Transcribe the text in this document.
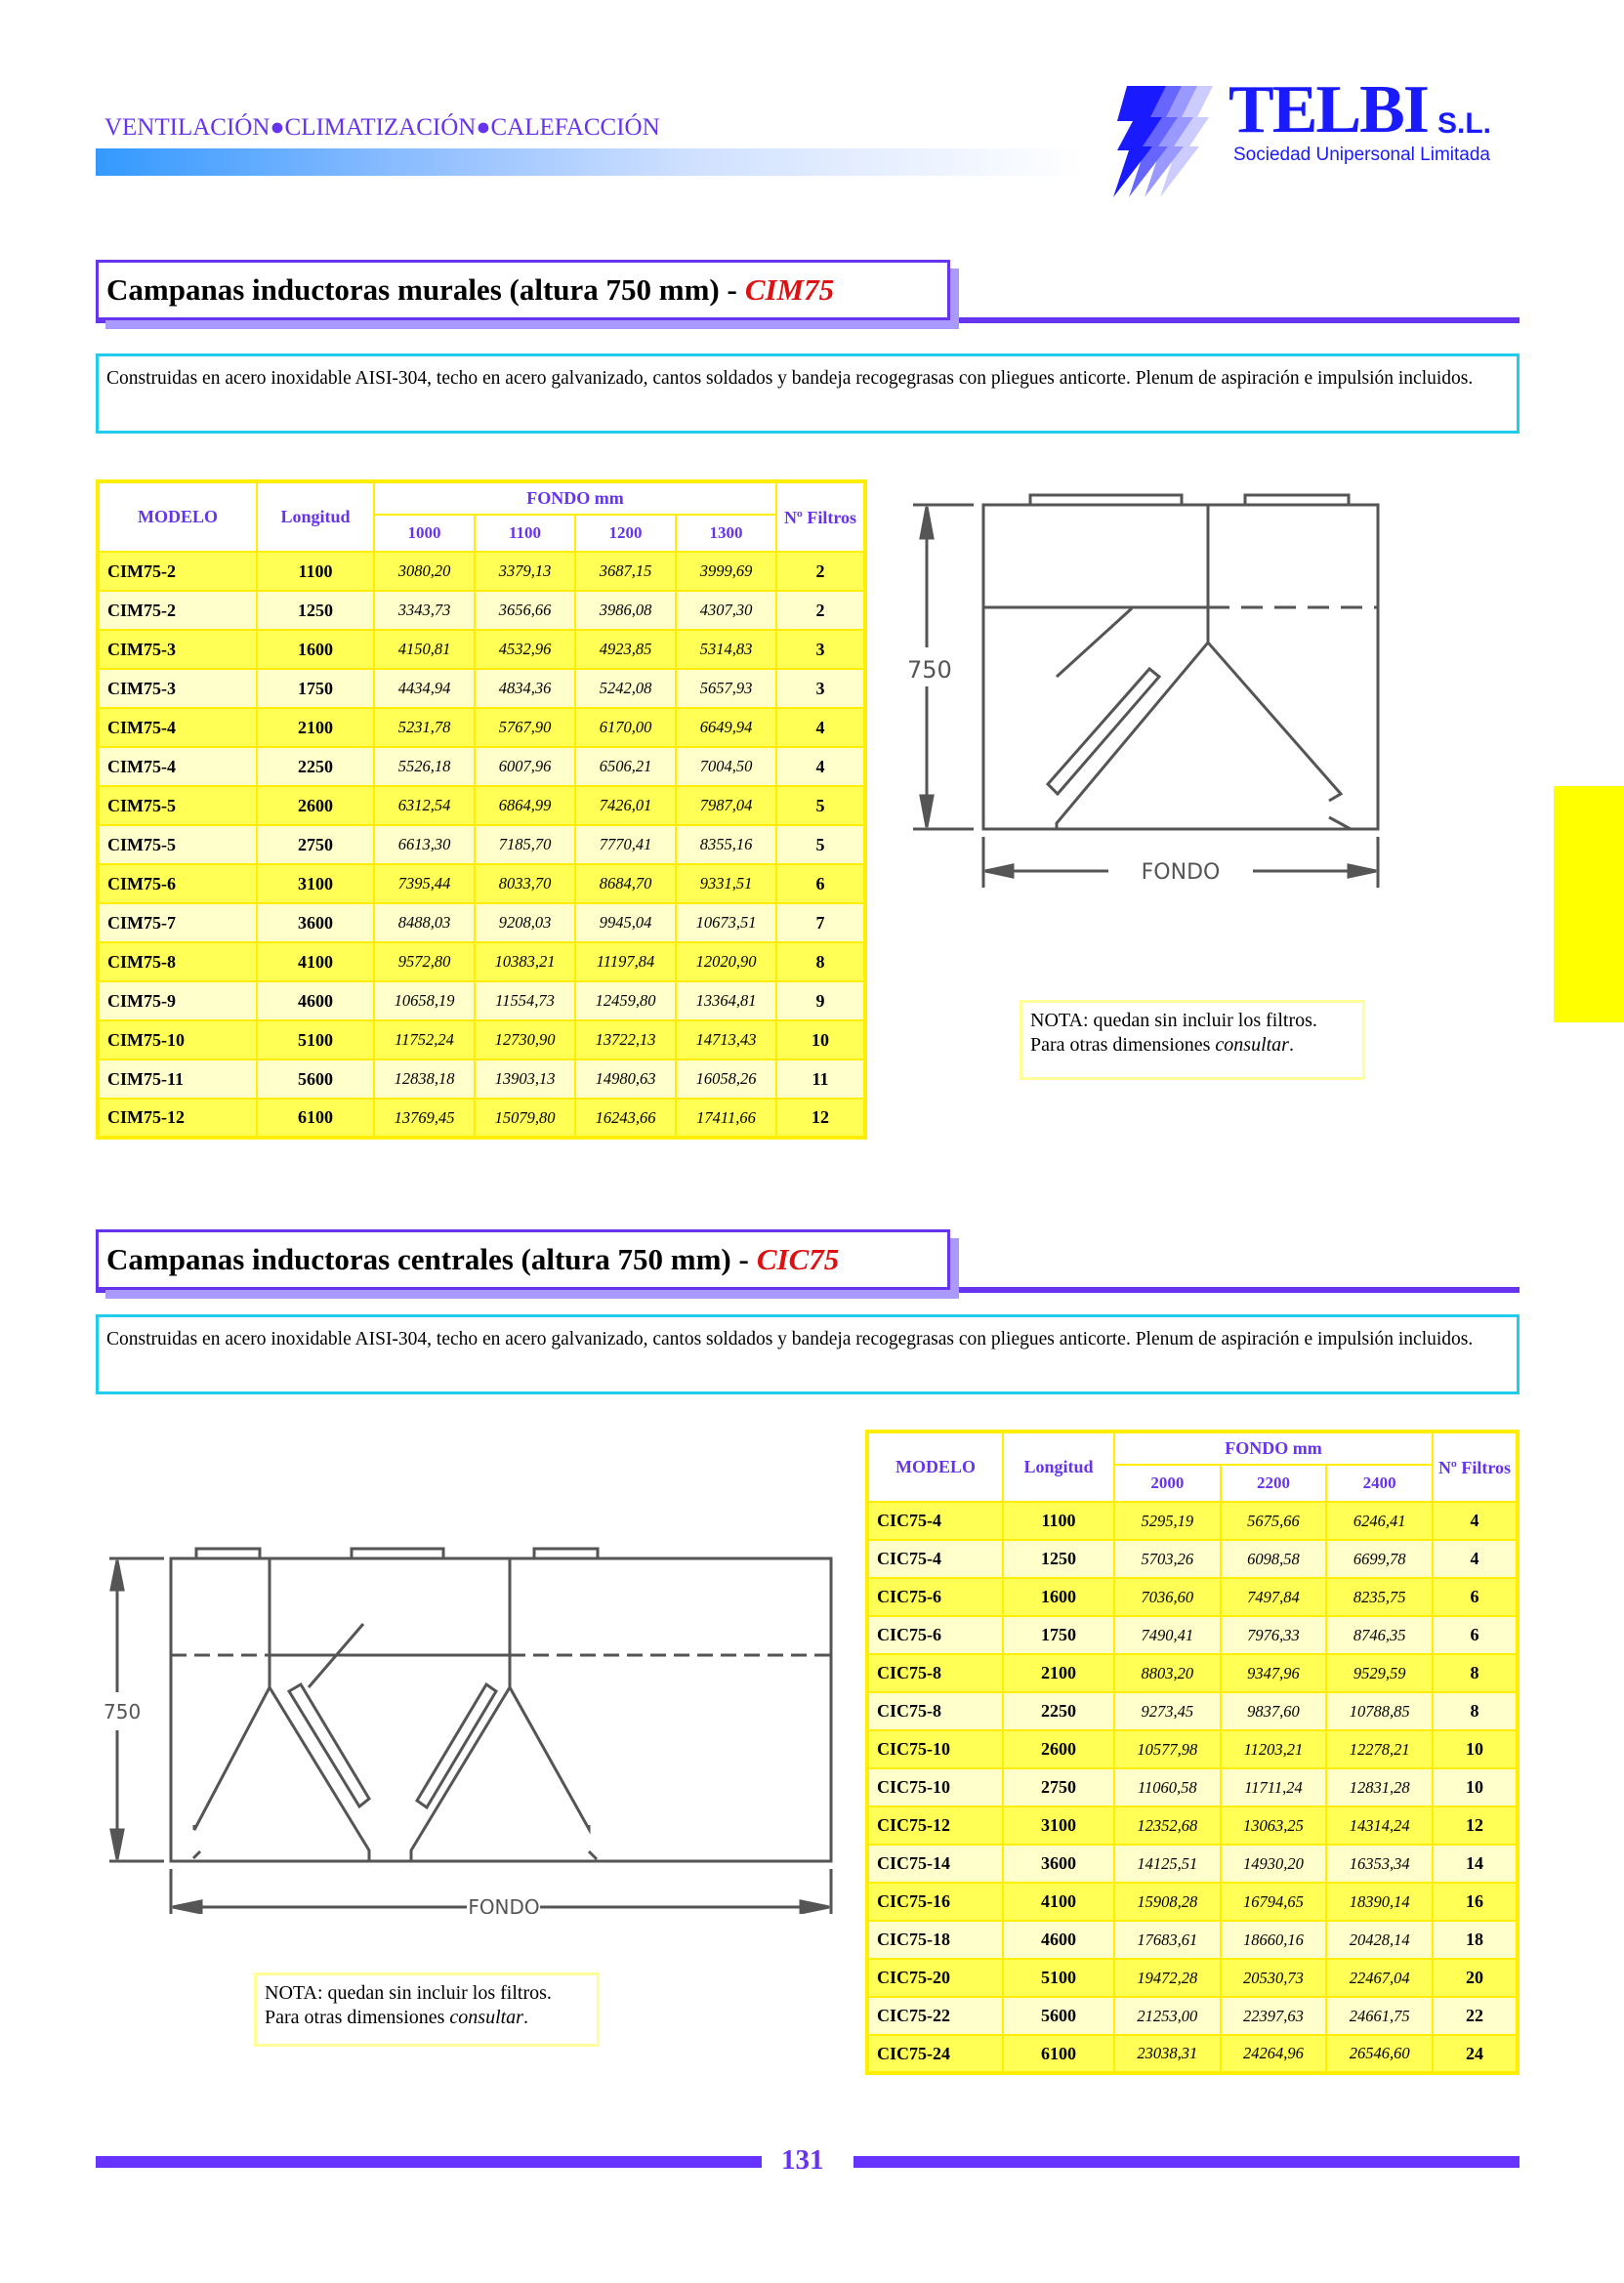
VENTILACIÓN●CLIMATIZACIÓN●CALEFACCIÓN	TELBI S.L.
Sociedad Unipersonal Limitada
Campanas inductoras murales (altura 750 mm) - CIM75
Construidas en acero inoxidable AISI-304, techo en acero galvanizado, cantos soldados y bandeja recogegrasas con pliegues anticorte. Plenum de aspiración e impulsión incluidos.
MODELO	Longitud	FONDO mm				Nº Filtros
		1000	1100	1200	1300	
CIM75-2	1100	3080,20	3379,13	3687,15	3999,69	2
CIM75-2	1250	3343,73	3656,66	3986,08	4307,30	2
CIM75-3	1600	4150,81	4532,96	4923,85	5314,83	3
CIM75-3	1750	4434,94	4834,36	5242,08	5657,93	3
CIM75-4	2100	5231,78	5767,90	6170,00	6649,94	4
CIM75-4	2250	5526,18	6007,96	6506,21	7004,50	4
CIM75-5	2600	6312,54	6864,99	7426,01	7987,04	5
CIM75-5	2750	6613,30	7185,70	7770,41	8355,16	5
CIM75-6	3100	7395,44	8033,70	8684,70	9331,51	6
CIM75-7	3600	8488,03	9208,03	9945,04	10673,51	7
CIM75-8	4100	9572,80	10383,21	11197,84	12020,90	8
CIM75-9	4600	10658,19	11554,73	12459,80	13364,81	9
CIM75-10	5100	11752,24	12730,90	13722,13	14713,43	10
CIM75-11	5600	12838,18	13903,13	14980,63	16058,26	11
CIM75-12	6100	13769,45	15079,80	16243,66	17411,66	12
750
FONDO
NOTA: quedan sin incluir los filtros.
Para otras dimensiones consultar.
Campanas inductoras centrales (altura 750 mm) - CIC75
Construidas en acero inoxidable AISI-304, techo en acero galvanizado, cantos soldados y bandeja recogegrasas con pliegues anticorte. Plenum de aspiración e impulsión incluidos.
MODELO	Longitud	FONDO mm			Nº Filtros
		2000	2200	2400	
CIC75-4	1100	5295,19	5675,66	6246,41	4
CIC75-4	1250	5703,26	6098,58	6699,78	4
CIC75-6	1600	7036,60	7497,84	8235,75	6
CIC75-6	1750	7490,41	7976,33	8746,35	6
CIC75-8	2100	8803,20	9347,96	9529,59	8
CIC75-8	2250	9273,45	9837,60	10788,85	8
CIC75-10	2600	10577,98	11203,21	12278,21	10
CIC75-10	2750	11060,58	11711,24	12831,28	10
CIC75-12	3100	12352,68	13063,25	14314,24	12
CIC75-14	3600	14125,51	14930,20	16353,34	14
CIC75-16	4100	15908,28	16794,65	18390,14	16
CIC75-18	4600	17683,61	18660,16	20428,14	18
CIC75-20	5100	19472,28	20530,73	22467,04	20
CIC75-22	5600	21253,00	22397,63	24661,75	22
CIC75-24	6100	23038,31	24264,96	26546,60	24
750
FONDO
NOTA: quedan sin incluir los filtros.
Para otras dimensiones consultar.
131
